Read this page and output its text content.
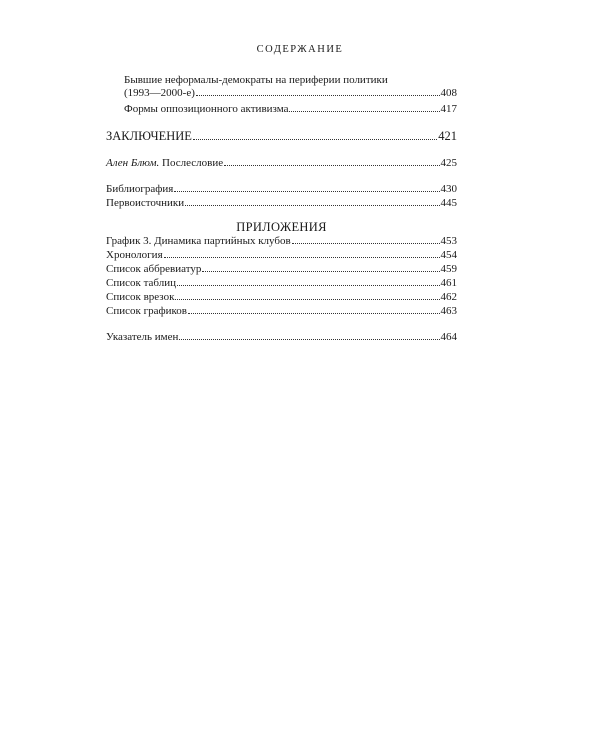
СОДЕРЖАНИЕ
Бывшие неформалы-демократы на периферии политики
(1993—2000-е)	408
Формы оппозиционного активизма	417
ЗАКЛЮЧЕНИЕ	421
Ален Блюм. Послесловие	425
Библиография	430
Первоисточники	445
ПРИЛОЖЕНИЯ
График 3. Динамика партийных клубов	453
Хронология	454
Список аббревиатур	459
Список таблиц	461
Список врезок	462
Список графиков	463
Указатель имен	464
